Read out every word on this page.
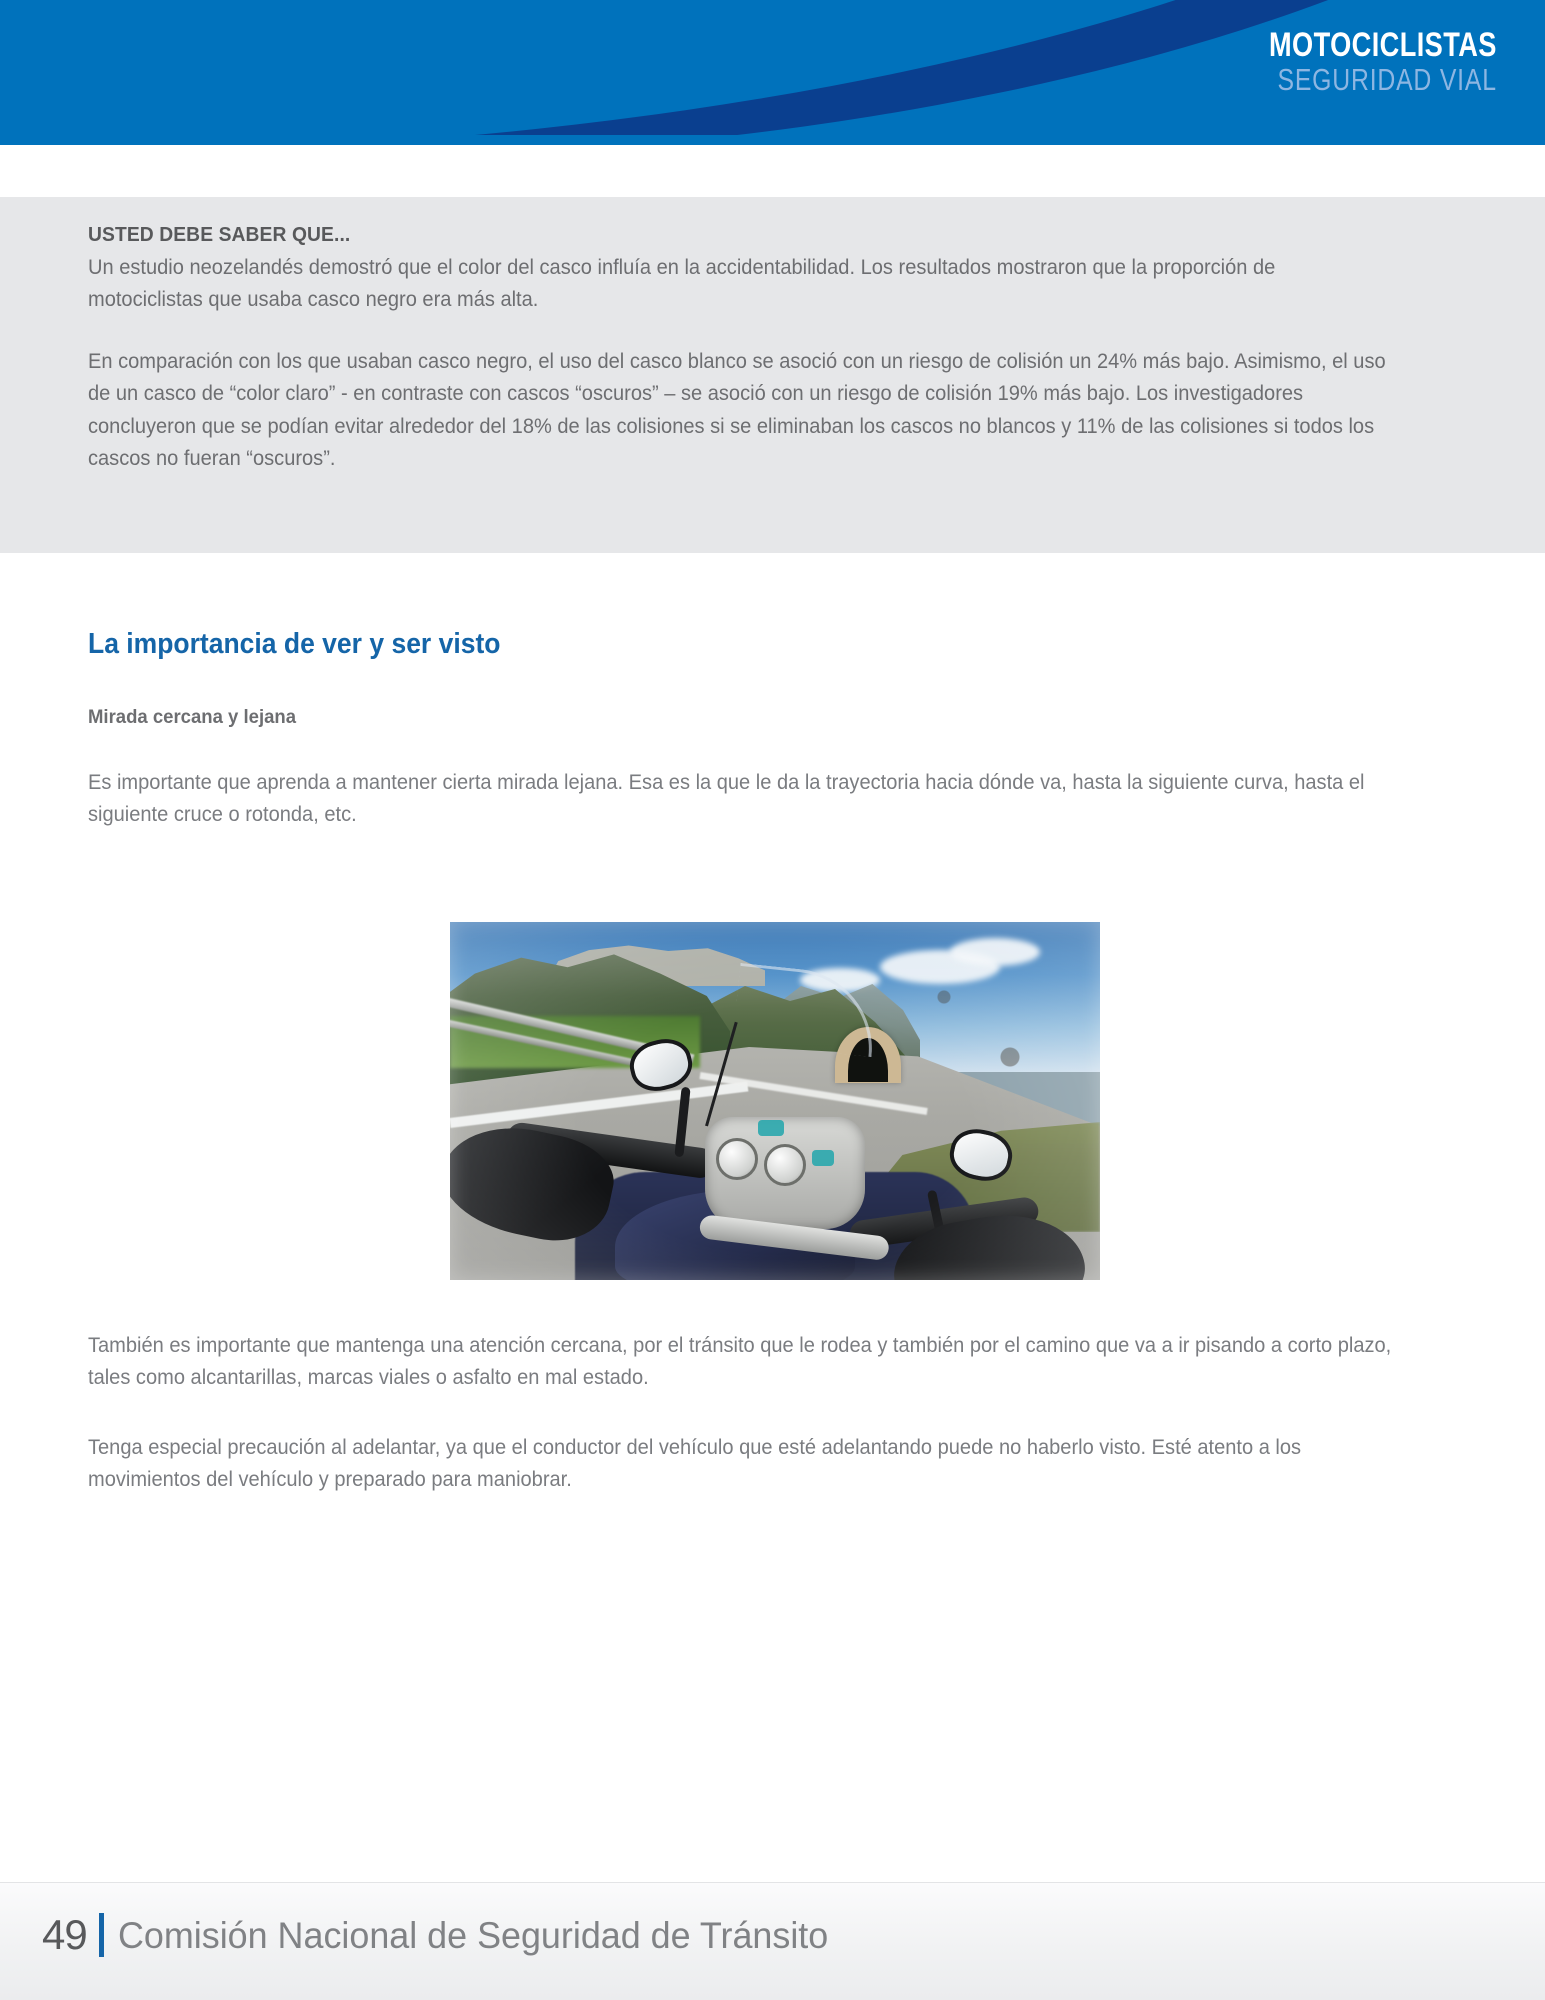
MOTOCICLISTAS
SEGURIDAD VIAL
USTED DEBE SABER QUE...

Un estudio neozelandés demostró que el color del casco influía en la accidentabilidad. Los resultados mostraron que la proporción de motociclistas que usaba casco negro era más alta.

En comparación con los que usaban casco negro, el uso del casco blanco se asoció con un riesgo de colisión un 24% más bajo. Asimismo, el uso de un casco de “color claro” - en contraste con cascos “oscuros” – se asoció con un riesgo de colisión 19% más bajo. Los investigadores concluyeron que se podían evitar alrededor del 18% de las colisiones si se eliminaban los cascos no blancos y 11% de las colisiones si todos los cascos no fueran “oscuros”.

La importancia de ver y ser visto
Mirada cercana y lejana

Es importante que aprenda a mantener cierta mirada lejana. Esa es la que le da la trayectoria hacia dónde va, hasta la siguiente curva, hasta el siguiente cruce o rotonda, etc.

También es importante que mantenga una atención cercana, por el tránsito que le rodea y también por el camino que va a ir pisando a corto plazo, tales como alcantarillas, marcas viales o asfalto en mal estado.

Tenga especial precaución al adelantar, ya que el conductor del vehículo que esté adelantando puede no haberlo visto. Esté atento a los movimientos del vehículo y preparado para maniobrar.

49 Comisión Nacional de Seguridad de Tránsito
